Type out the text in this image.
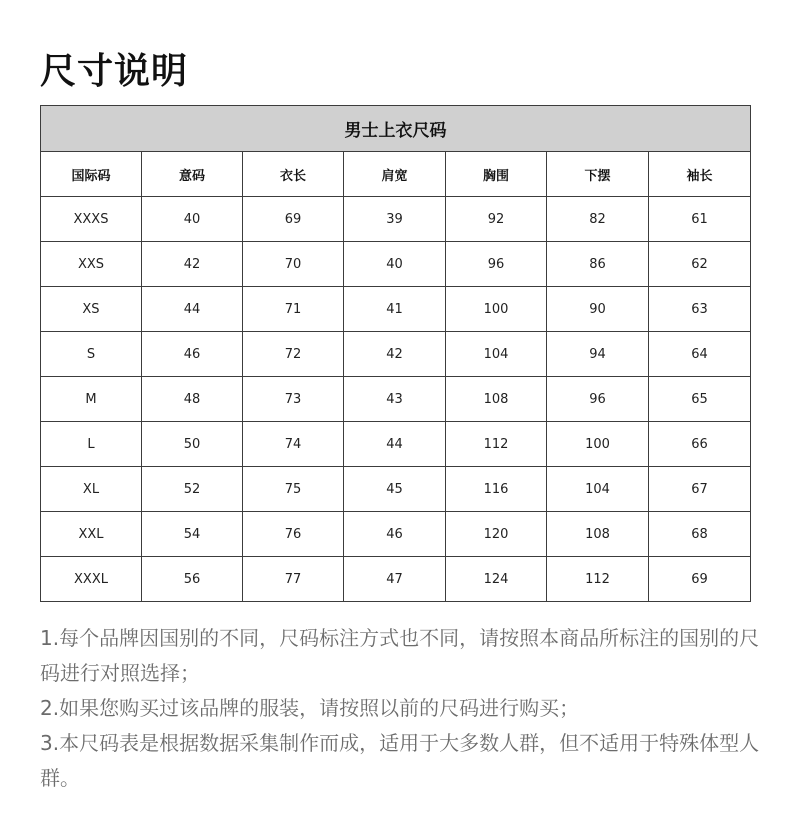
尺寸说明
男士上衣尺码						
国际码	意码	衣长	肩宽	胸围	下摆	袖长
XXXS	40	69	39	92	82	61
XXS	42	70	40	96	86	62
XS	44	71	41	100	90	63
S	46	72	42	104	94	64
M	48	73	43	108	96	65
L	50	74	44	112	100	66
XL	52	75	45	116	104	67
XXL	54	76	46	120	108	68
XXXL	56	77	47	124	112	69

1.每个品牌因国别的不同，尺码标注方式也不同，请按照本商品所标注的国别的尺码进行对照选择；

2.如果您购买过该品牌的服装，请按照以前的尺码进行购买；

3.本尺码表是根据数据采集制作而成，适用于大多数人群，但不适用于特殊体型人群。
